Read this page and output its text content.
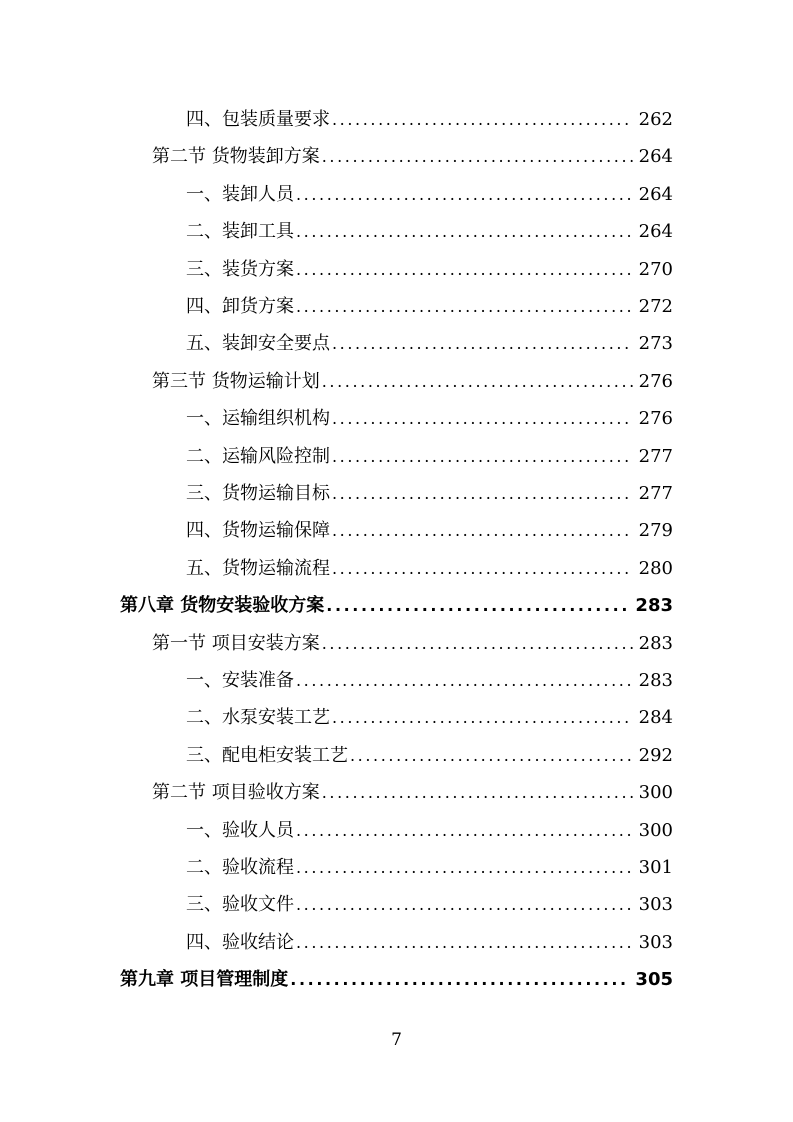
四、包装质量要求 .....	262
第二节 货物装卸方案 .....	264
一、装卸人员 .....	264
二、装卸工具 .....	264
三、装货方案 .....	270
四、卸货方案 .....	272
五、装卸安全要点 .....	273
第三节 货物运输计划 .....	276
一、运输组织机构 .....	276
二、运输风险控制 .....	277
三、货物运输目标 .....	277
四、货物运输保障 .....	279
五、货物运输流程 .....	280
第八章 货物安装验收方案 .....	283
第一节 项目安装方案 .....	283
一、安装准备 .....	283
二、水泵安装工艺 .....	284
三、配电柜安装工艺 .....	292
第二节 项目验收方案 .....	300
一、验收人员 .....	300
二、验收流程 .....	301
三、验收文件 .....	303
四、验收结论 .....	303
第九章 项目管理制度 .....	305
7
